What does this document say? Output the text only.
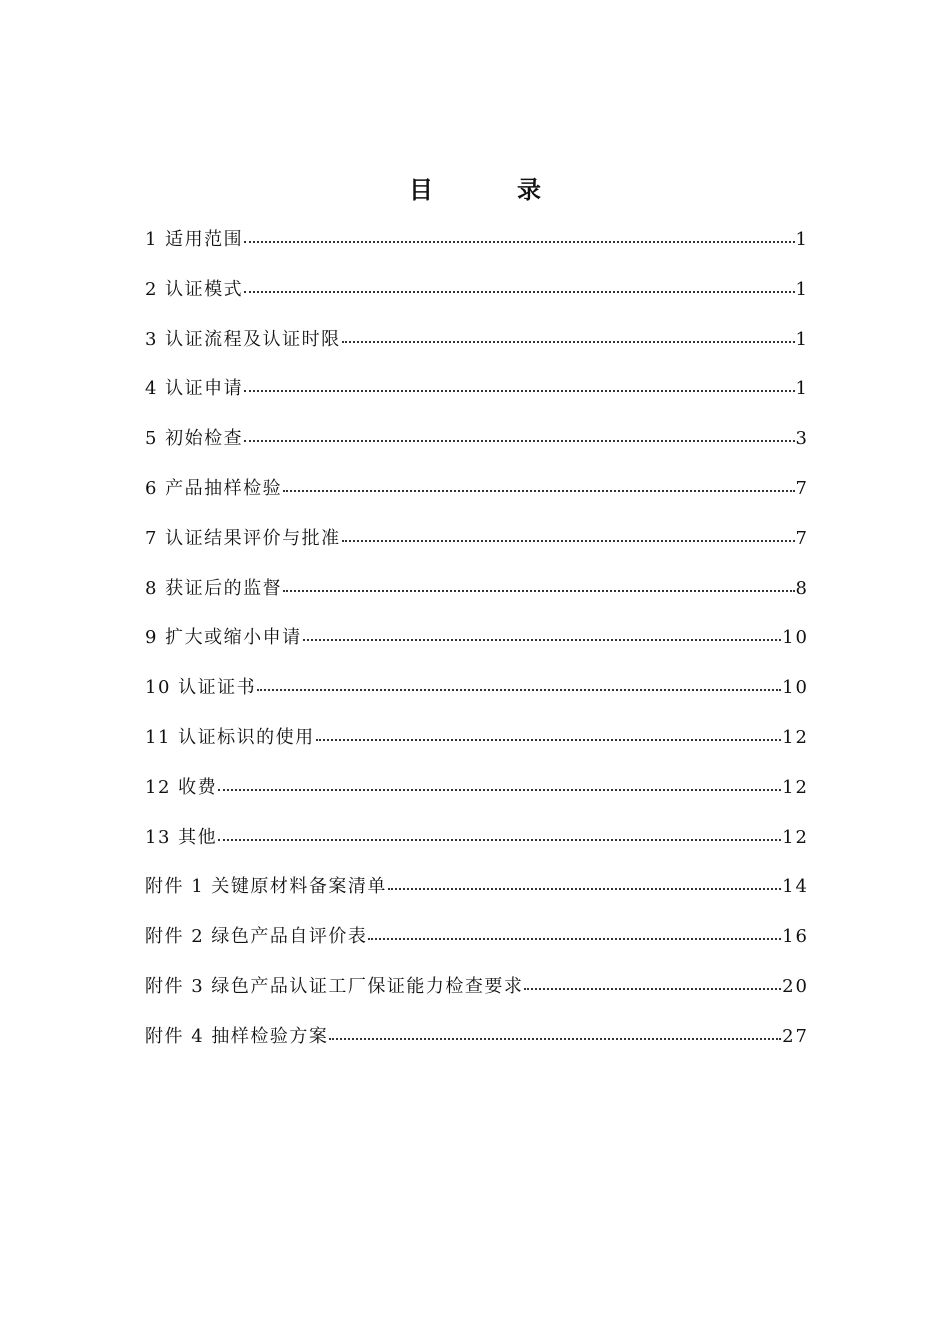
目　录
1 适用范围	1
2 认证模式	1
3 认证流程及认证时限	1
4 认证申请	1
5 初始检查	3
6 产品抽样检验	7
7 认证结果评价与批准	7
8 获证后的监督	8
9 扩大或缩小申请	10
10 认证证书	10
11 认证标识的使用	12
12 收费	12
13 其他	12
附件 1 关键原材料备案清单	14
附件 2 绿色产品自评价表	16
附件 3 绿色产品认证工厂保证能力检查要求	20
附件 4 抽样检验方案	27
